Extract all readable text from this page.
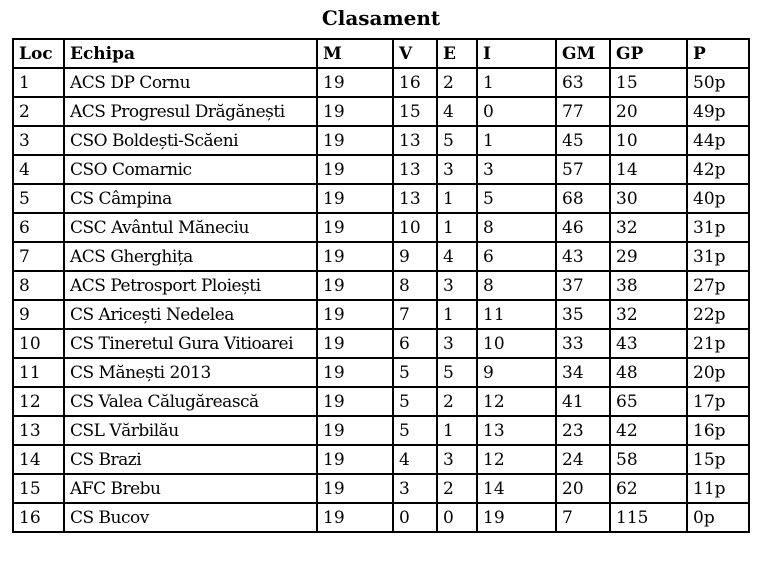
Clasament
Loc	Echipa	M	V	E	I	GM	GP	P
1	ACS DP Cornu	19	16	2	1	63	15	50p
2	ACS Progresul Drăgănești	19	15	4	0	77	20	49p
3	CSO Boldești-Scăeni	19	13	5	1	45	10	44p
4	CSO Comarnic	19	13	3	3	57	14	42p
5	CS Câmpina	19	13	1	5	68	30	40p
6	CSC Avântul Măneciu	19	10	1	8	46	32	31p
7	ACS Gherghița	19	9	4	6	43	29	31p
8	ACS Petrosport Ploiești	19	8	3	8	37	38	27p
9	CS Aricești Nedelea	19	7	1	11	35	32	22p
10	CS Tineretul Gura Vitioarei	19	6	3	10	33	43	21p
11	CS Mănești 2013	19	5	5	9	34	48	20p
12	CS Valea Călugărească	19	5	2	12	41	65	17p
13	CSL Vărbilău	19	5	1	13	23	42	16p
14	CS Brazi	19	4	3	12	24	58	15p
15	AFC Brebu	19	3	2	14	20	62	11p
16	CS Bucov	19	0	0	19	7	115	0p
